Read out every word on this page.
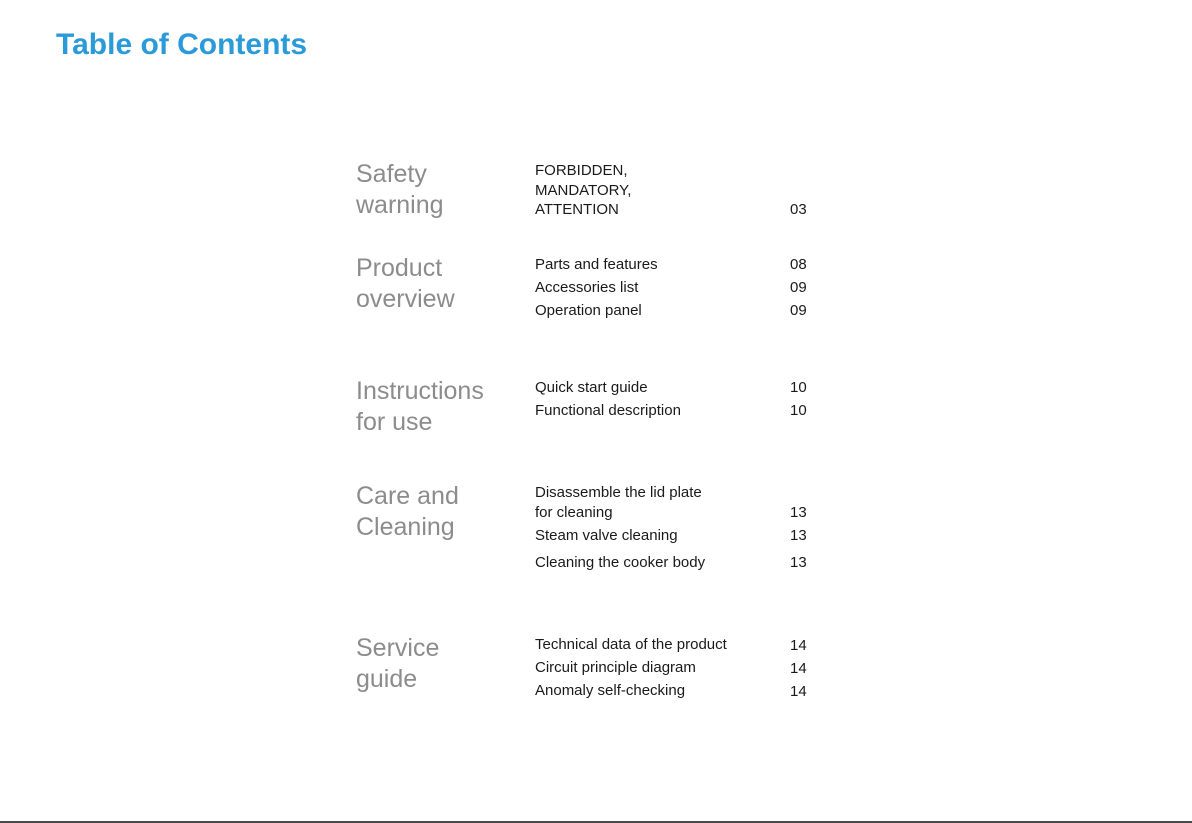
Table of Contents
Safety
warning
FORBIDDEN,
MANDATORY,
ATTENTION	03
Product
overview
Parts and features	08
Accessories list	09
Operation panel	09
Instructions
for use
Quick start guide	10
Functional description	10
Care and
Cleaning
Disassemble the lid plate
for cleaning	13
Steam valve cleaning	13
Cleaning the cooker body	13
Service
guide
Technical data of the product	14
Circuit principle diagram	14
Anomaly self-checking	14
